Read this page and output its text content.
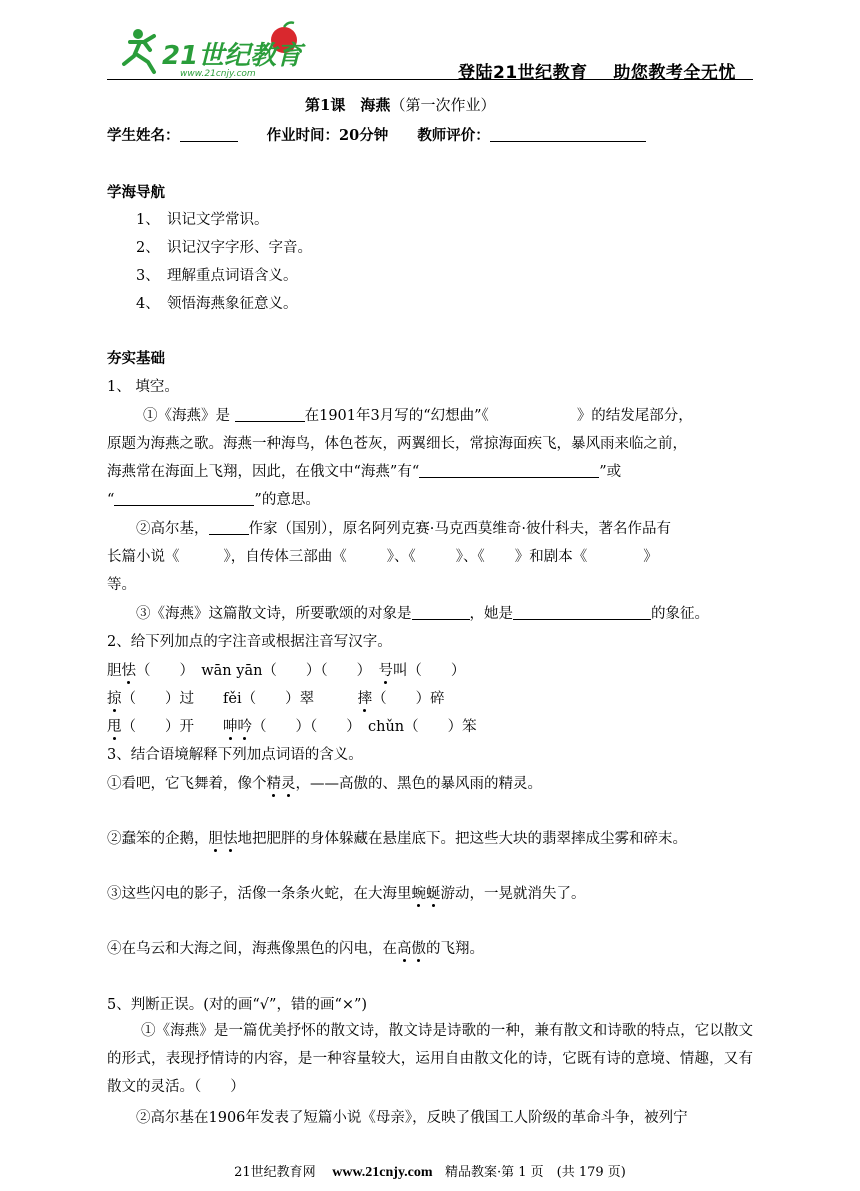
21世纪教育
www.21cnjy.com	登陆21世纪教育 助您教考全无忧
第1课　海燕（第一次作业）
学生姓名：	作业时间：20分钟 教师评价：
学海导航
1、　识记文学常识。
2、　识记汉字字形、字音。
3、　理解重点词语含义。
4、　领悟海燕象征意义。
夯实基础
1、 填空。
①《海燕》是	在1901年3月写的“幻想曲”《	》的结发尾部分，
原题为海燕之歌。海燕一种海鸟，体色苍灰，两翼细长，常掠海面疾飞，暴风雨来临之前，
海燕常在海面上飞翔，因此，在俄文中“海燕”有“	”或
“	”的意思。
②高尔基，	作家（国别），原名阿列克赛·马克西莫维奇·彼什科夫，著名作品有
长篇小说《	》，自传体三部曲《	》、《	》、《 》和剧本《	》
等。
③《海燕》这篇散文诗，所要歌颂的对象是	，她是	的象征。
2、给下列加点的字注音或根据注音写汉字。
胆怯（　　）　wān yān（　　）（　　）　号叫（　　）
掠（　　）过　　fěi（　　）翠　　　摔（　　）碎
甩（　　）开　　呻吟（　　）（　　）　chǔn（　　）笨
3、结合语境解释下列加点词语的含义。
①看吧，它飞舞着，像个精灵，——高傲的、黑色的暴风雨的精灵。
②蠢笨的企鹅，胆怯地把肥胖的身体躲藏在悬崖底下。把这些大块的翡翠摔成尘雾和碎末。
③这些闪电的影子，活像一条条火蛇，在大海里蜿蜒游动，一晃就消失了。
④在乌云和大海之间，海燕像黑色的闪电，在高傲的飞翔。
5、判断正误。(对的画“√”，错的画“×”)
①《海燕》是一篇优美抒怀的散文诗，散文诗是诗歌的一种，兼有散文和诗歌的特点，它以散文的形式，表现抒情诗的内容，是一种容量较大，运用自由散文化的诗，它既有诗的意境、情趣，又有散文的灵活。（　　）
②高尔基在1906年发表了短篇小说《母亲》，反映了俄国工人阶级的革命斗争，被列宁
21世纪教育网 www.21cnjy.com 精品教案·第 1 页　(共 179 页)
